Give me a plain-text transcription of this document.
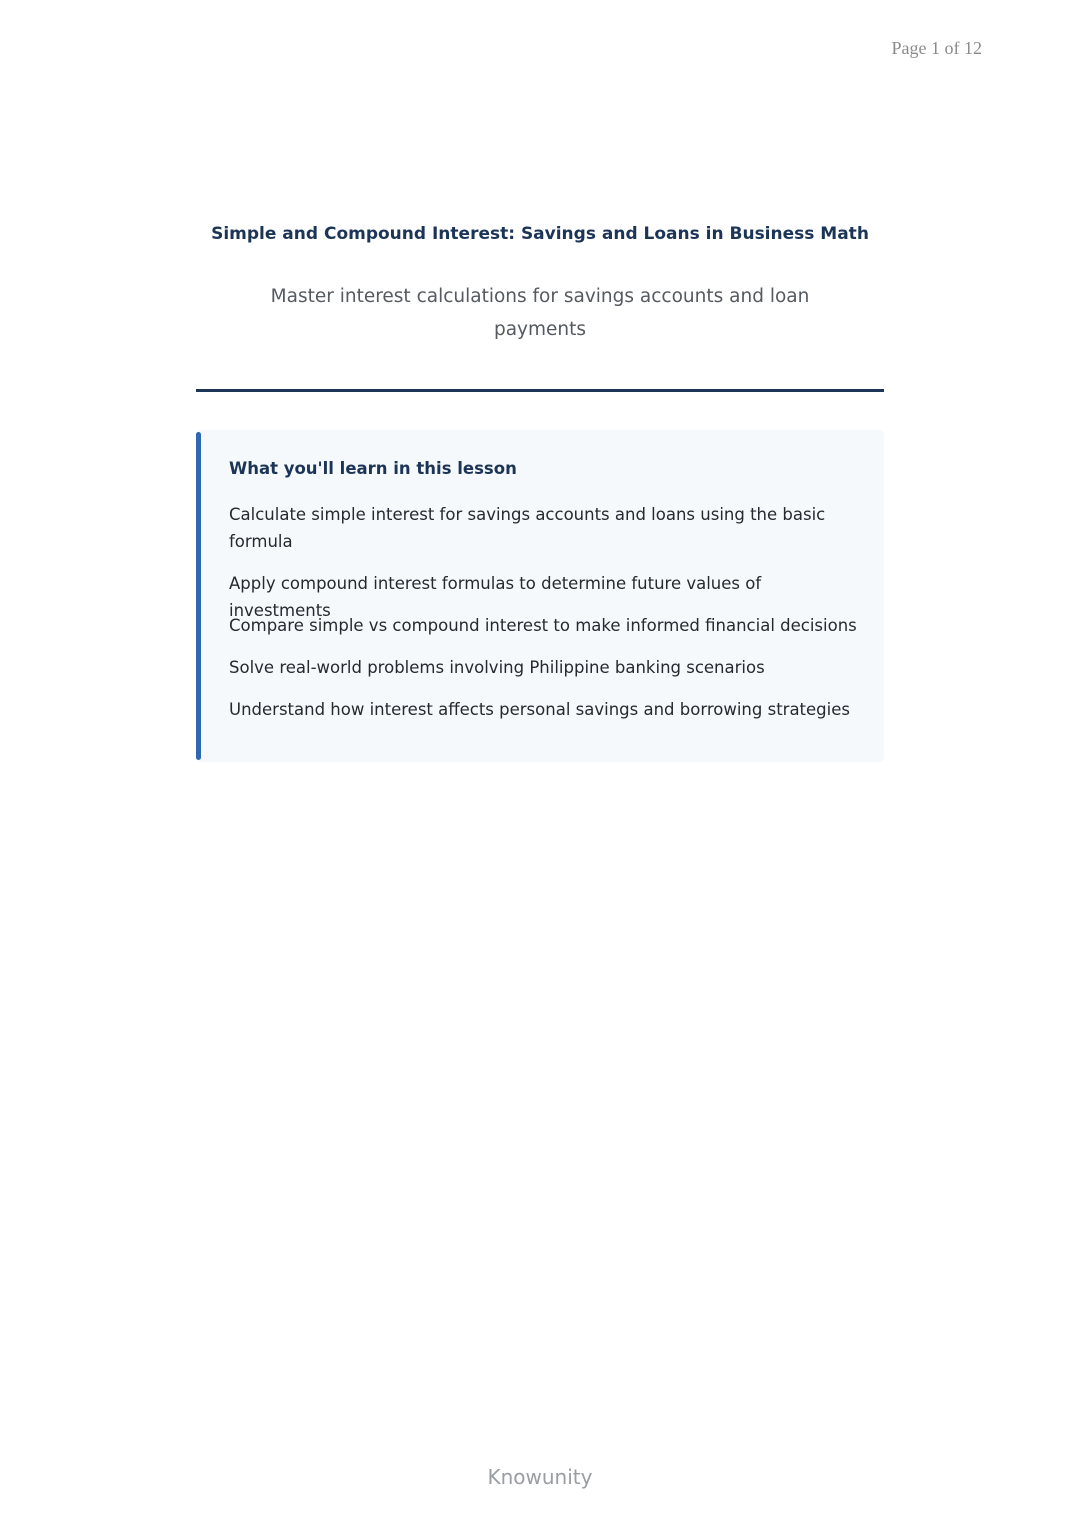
Page 1 of 12
Simple and Compound Interest: Savings and Loans in Business Math
Master interest calculations for savings accounts and loan payments
What you'll learn in this lesson
Calculate simple interest for savings accounts and loans using the basic formula
Apply compound interest formulas to determine future values of investments
Compare simple vs compound interest to make informed financial decisions
Solve real-world problems involving Philippine banking scenarios
Understand how interest affects personal savings and borrowing strategies
Knowunity
